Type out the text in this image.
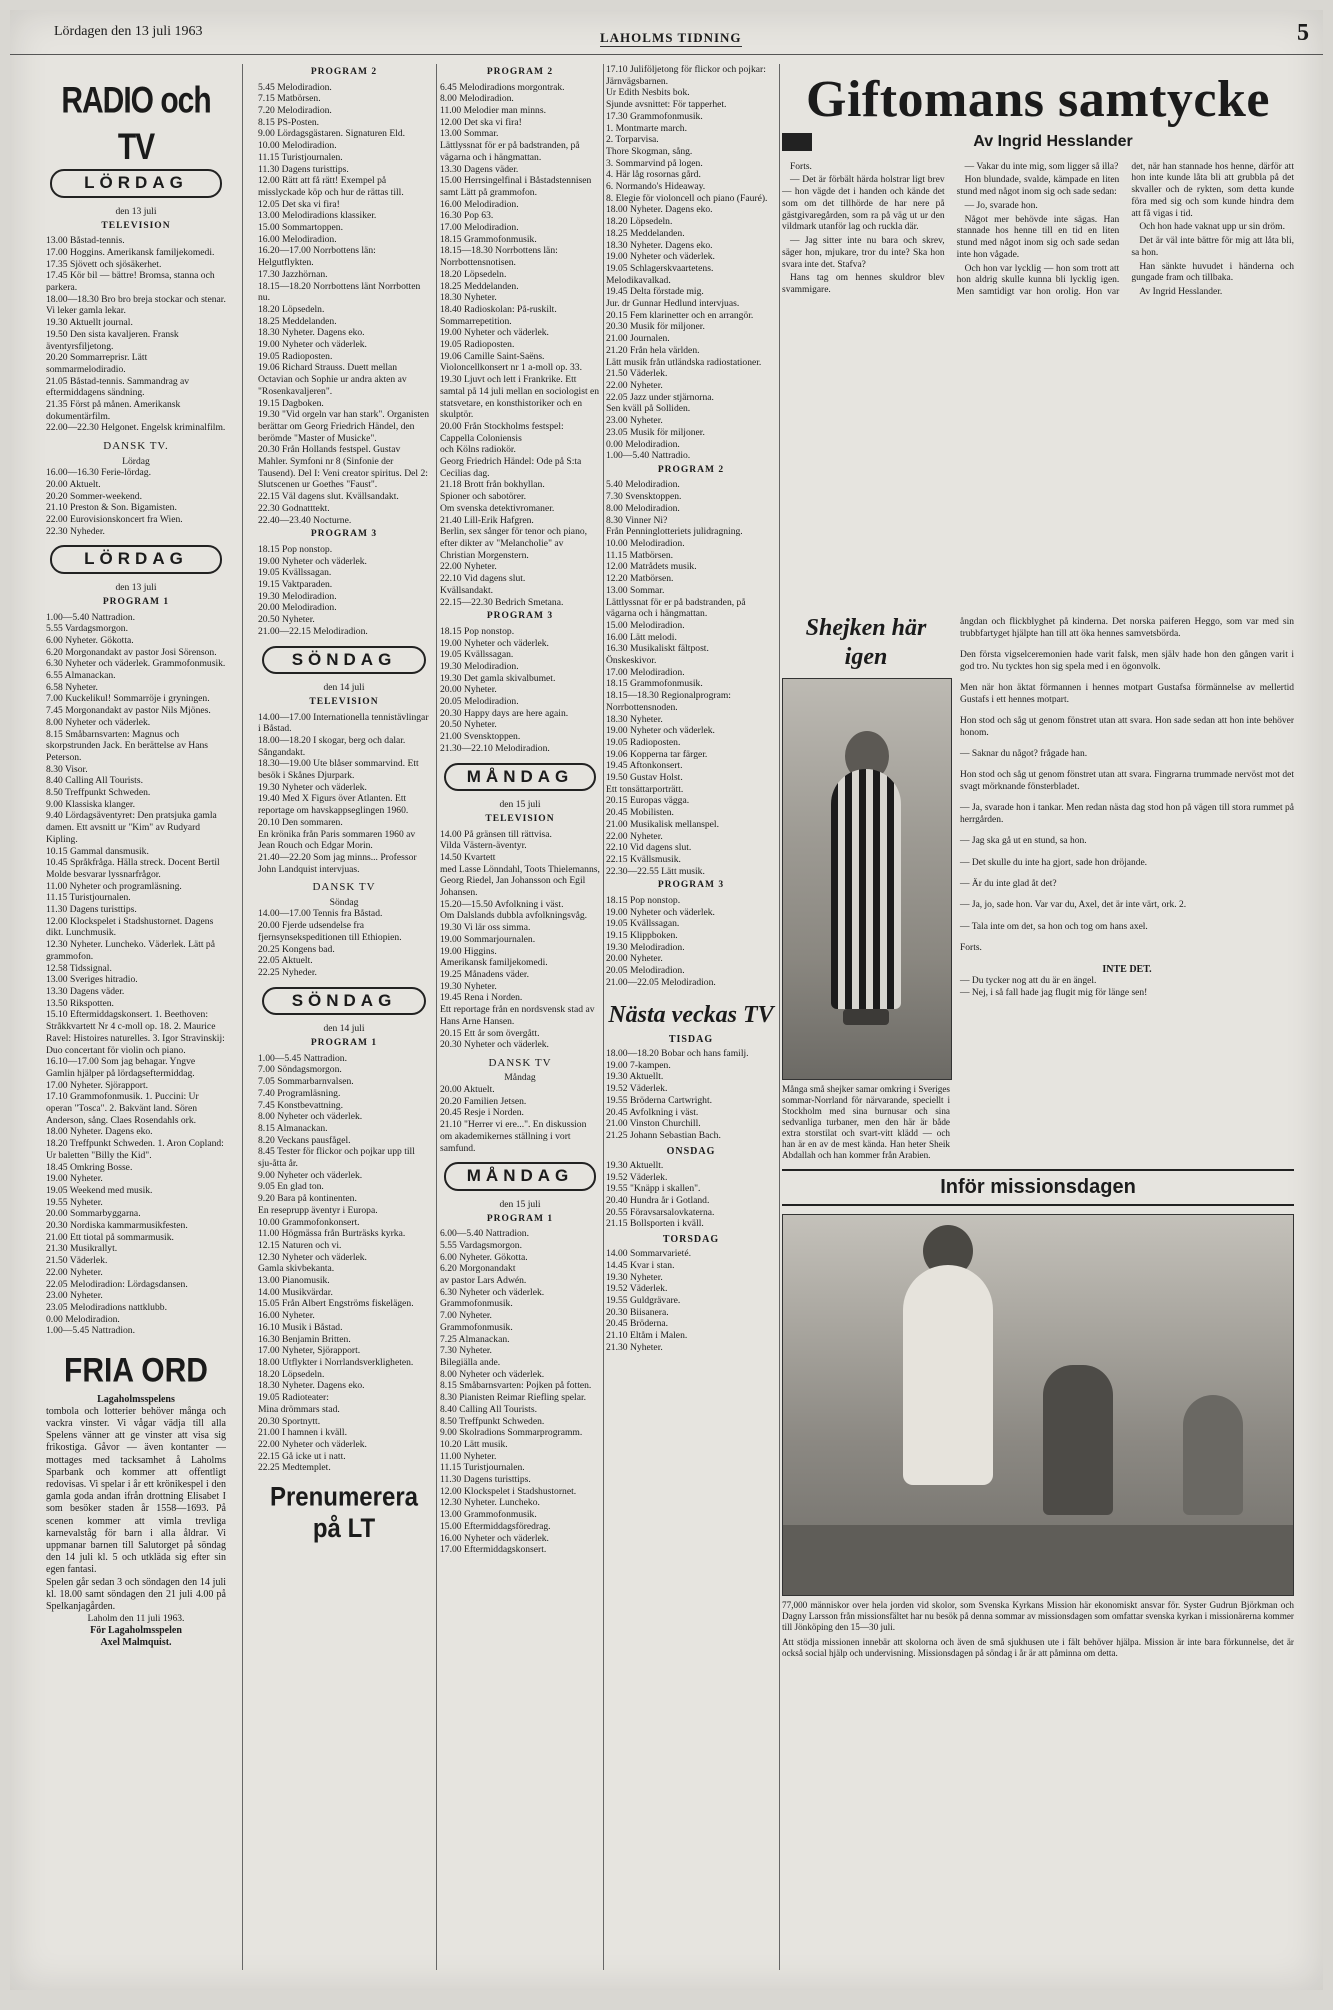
Lördagen den 13 juli 1963	LAHOLMS TIDNING	5
RADIO och TV
LÖRDAG
den 13 juli
TELEVISION
13.00 Båstad-tennis.
17.00 Hoggins. Amerikansk familjekomedi.
17.35 Sjövett och sjösäkerhet.
17.45 Kör bil — bättre! Bromsa, stanna och parkera.
18.00—18.30 Bro bro breja stockar och stenar. Vi leker gamla lekar.
19.30 Aktuellt journal.
19.50 Den sista kavaljeren. Fransk äventyrsfiljetong.
20.20 Sommarreprisr. Lätt sommarmelodiradio.
21.05 Båstad-tennis. Sammandrag av eftermiddagens sändning.
21.35 Först på månen. Amerikansk dokumentärfilm.
22.00—22.30 Helgonet. Engelsk kriminalfilm.
DANSK TV.
Lördag
16.00—16.30 Ferie-lördag.
20.00 Aktuelt.
20.20 Sommer-weekend.
21.10 Preston & Son. Bigamisten.
22.00 Eurovisionskoncert fra Wien.
22.30 Nyheder.
LÖRDAG
den 13 juli
PROGRAM 1
1.00—5.40 Nattradion.
5.55 Vardagsmorgon.
6.00 Nyheter. Gökotta.
6.20 Morgonandakt av pastor Josi Sörenson.
6.30 Nyheter och väderlek. Grammofonmusik.
6.55 Almanackan.
6.58 Nyheter.
7.00 Kuckelikul! Sommarröje i gryningen.
7.45 Morgonandakt av pastor Nils Mjönes.
8.00 Nyheter och väderlek.
8.15 Småbarnsvarten: Magnus och skorpstrunden Jack. En berättelse av Hans Peterson.
8.30 Visor.
8.40 Calling All Tourists.
8.50 Treffpunkt Schweden.
9.00 Klassiska klanger.
9.40 Lördagsäventyret: Den pratsjuka gamla damen. Ett avsnitt ur "Kim" av Rudyard Kipling.
10.15 Gammal dansmusik.
10.45 Språkfråga. Hälla streck. Docent Bertil Molde besvarar lyssnarfrågor.
11.00 Nyheter och programläsning.
11.15 Turistjournalen.
11.30 Dagens turisttips.
12.00 Klockspelet i Stadshustornet. Dagens dikt. Lunchmusik.
12.30 Nyheter. Luncheko. Väderlek. Lätt på grammofon.
12.58 Tidssignal.
13.00 Sveriges hitradio.
13.30 Dagens väder.
13.50 Rikspotten.
15.10 Eftermiddagskonsert. 1. Beethoven: Stråkkvartett Nr 4 c-moll op. 18. 2. Maurice Ravel: Histoires naturelles. 3. Igor Stravinskij: Duo concertant för violin och piano.
16.10—17.00 Som jag behagar. Yngve Gamlin hjälper på lördagseftermiddag.
17.00 Nyheter. Sjörapport.
17.10 Grammofonmusik. 1. Puccini: Ur operan "Tosca". 2. Bakvänt land. Sören Anderson, sång. Claes Rosendahls ork.
18.00 Nyheter. Dagens eko.
18.20 Treffpunkt Schweden. 1. Aron Copland: Ur baletten "Billy the Kid".
18.45 Omkring Bosse.
19.00 Nyheter.
19.05 Weekend med musik.
19.55 Nyheter.
20.00 Sommarbyggarna.
20.30 Nordiska kammarmusikfesten.
21.00 Ett tiotal på sommarmusik.
21.30 Musikrallyt.
21.50 Väderlek.
22.00 Nyheter.
22.05 Melodiradion: Lördagsdansen.
23.00 Nyheter.
23.05 Melodiradions nattklubb.
0.00 Melodiradion.
1.00—5.45 Nattradion.
FRIA ORD
Lagaholmsspelens
tombola och lotterier behöver många och vackra vinster. Vi vågar vädja till alla Spelens vänner att ge vinster att visa sig frikostiga. Gåvor — även kontanter — mottages med tacksamhet å Laholms Sparbank och kommer att offentligt redovisas. Vi spelar i år ett krönikespel i den gamla goda andan ifrån drottning Elisabet I som besöker staden år 1558—1693. På scenen kommer att vimla trevliga karnevalståg för barn i alla åldrar. Vi uppmanar barnen till Salutorget på söndag den 14 juli kl. 5 och utkläda sig efter sin egen fantasi.
Spelen går sedan 3 och söndagen den 14 juli kl. 18.00 samt söndagen den 21 juli 4.00 på Spelkanjagården.
Laholm den 11 juli 1963.
För Lagaholmsspelen
Axel Malmquist.
PROGRAM 2
5.45 Melodiradion.
7.15 Matbörsen.
7.20 Melodiradion.
8.15 PS-Posten.
9.00 Lördagsgästaren. Signaturen Eld.
10.00 Melodiradion.
11.15 Turistjournalen.
11.30 Dagens turisttips.
12.00 Rätt att få rätt! Exempel på misslyckade köp och hur de rättas till.
12.05 Det ska vi fira!
13.00 Melodiradions klassiker.
15.00 Sommartoppen.
16.00 Melodiradion.
16.20—17.00 Norrbottens län: Helgutflykten.
17.30 Jazzhörnan.
18.15—18.20 Norrbottens länt Norrbotten nu.
18.20 Löpsedeln.
18.25 Meddelanden.
18.30 Nyheter. Dagens eko.
19.00 Nyheter och väderlek.
19.05 Radioposten.
19.06 Richard Strauss. Duett mellan Octavian och Sophie ur andra akten av "Rosenkavaljeren".
19.15 Dagboken.
19.30 "Vid orgeln var han stark". Organisten berättar om Georg Friedrich Händel, den berömde "Master of Musicke".
20.30 Från Hollands festspel. Gustav Mahler. Symfoni nr 8 (Sinfonie der Tausend). Del I: Veni creator spiritus. Del 2: Slutscenen ur Goethes "Faust".
22.15 Väl dagens slut. Kvällsandakt.
22.30 Godnatttekt.
22.40—23.40 Nocturne.
PROGRAM 3
18.15 Pop nonstop.
19.00 Nyheter och väderlek.
19.05 Kvällssagan.
19.15 Vaktparaden.
19.30 Melodiradion.
20.00 Melodiradion.
20.50 Nyheter.
21.00—22.15 Melodiradion.
SÖNDAG
den 14 juli
TELEVISION
14.00—17.00 Internationella tennistävlingar i Båstad.
18.00—18.20 I skogar, berg och dalar.
Sångandakt.
18.30—19.00 Ute blåser sommarvind. Ett besök i Skånes Djurpark.
19.30 Nyheter och väderlek.
19.40 Med X Figurs över Atlanten. Ett reportage om havskappseglingen 1960.
20.10 Den sommaren.
En krönika från Paris sommaren 1960 av Jean Rouch och Edgar Morin.
21.40—22.20 Som jag minns... Professor John Landquist intervjuas.
DANSK TV
Söndag
14.00—17.00 Tennis fra Båstad.
20.00 Fjerde udsendelse fra fjernsynsekspeditionen till Ethiopien.
20.25 Kongens bad.
22.05 Aktuelt.
22.25 Nyheder.
SÖNDAG
den 14 juli
PROGRAM 1
1.00—5.45 Nattradion.
7.00 Söndagsmorgon.
7.05 Sommarbarnvalsen.
7.40 Programläsning.
7.45 Konstbevattning.
8.00 Nyheter och väderlek.
8.15 Almanackan.
8.20 Veckans pausfågel.
8.45 Tester för flickor och pojkar upp till sju-åtta år.
9.00 Nyheter och väderlek.
9.05 En glad ton.
9.20 Bara på kontinenten.
En reseprupp äventyr i Europa.
10.00 Grammofonkonsert.
11.00 Högmässa från Burträsks kyrka.
12.15 Naturen och vi.
12.30 Nyheter och väderlek.
Gamla skivbekanta.
13.00 Pianomusik.
14.00 Musikvärdar.
15.05 Från Albert Engströms fiskelägen.
16.00 Nyheter.
16.10 Musik i Båstad.
16.30 Benjamin Britten.
17.00 Nyheter, Sjörapport.
18.00 Utflykter i Norrlandsverkligheten.
18.20 Löpsedeln.
18.30 Nyheter. Dagens eko.
19.05 Radioteater:
Mina drömmars stad.
20.30 Sportnytt.
21.00 I hamnen i kväll.
22.00 Nyheter och väderlek.
22.15 Gå icke ut i natt.
22.25 Medtemplet.
Prenumerera på LT
PROGRAM 2
6.45 Melodiradions morgontrak.
8.00 Melodiradion.
11.00 Melodier man minns.
12.00 Det ska vi fira!
13.00 Sommar.
Lättlyssnat för er på badstranden, på vägarna och i hängmattan.
13.30 Dagens väder.
15.00 Herrsingelfinal i Båstadstennisen
samt Lätt på grammofon.
16.00 Melodiradion.
16.30 Pop 63.
17.00 Melodiradion.
18.15 Grammofonmusik.
18.15—18.30 Norrbottens län: Norrbottensnotisen.
18.20 Löpsedeln.
18.25 Meddelanden.
18.30 Nyheter.
18.40 Radioskolan: På-ruskilt.
Sommarrepetition.
19.00 Nyheter och väderlek.
19.05 Radioposten.
19.06 Camille Saint-Saëns. Violoncellkonsert nr 1 a-moll op. 33.
19.30 Ljuvt och lett i Frankrike. Ett samtal på 14 juli mellan en sociologist en statsvetare, en konsthistoriker och en skulptör.
20.00 Från Stockholms festspel: Cappella Coloniensis
och Kölns radiokör.
Georg Friedrich Händel: Ode på S:ta Cecilias dag.
21.18 Brott från bokhyllan.
Spioner och sabotörer.
Om svenska detektivromaner.
21.40 Lill-Erik Hafgren.
Berlin, sex sånger för tenor och piano, efter dikter av "Melancholie" av Christian Morgenstern.
22.00 Nyheter.
22.10 Vid dagens slut.
Kvällsandakt.
22.15—22.30 Bedrich Smetana.
PROGRAM 3
18.15 Pop nonstop.
19.00 Nyheter och väderlek.
19.05 Kvällssagan.
19.30 Melodiradion.
19.30 Det gamla skivalbumet.
20.00 Nyheter.
20.05 Melodiradion.
20.30 Happy days are here again.
20.50 Nyheter.
21.00 Svensktoppen.
21.30—22.10 Melodiradion.
MÅNDAG
den 15 juli
TELEVISION
14.00 På gränsen till rättvisa.
Vilda Västern-äventyr.
14.50 Kvartett
med Lasse Lönndahl, Toots Thielemanns, Georg Riedel, Jan Johansson och Egil Johansen.
15.20—15.50 Avfolkning i väst.
Om Dalslands dubbla avfolkningsvåg.
19.30 Vi lär oss simma.
19.00 Sommarjournalen.
19.00 Higgins.
Amerikansk familjekomedi.
19.25 Månadens väder.
19.30 Nyheter.
19.45 Rena i Norden.
Ett reportage från en nordsvensk stad av Hans Arne Hansen.
20.15 Ett år som övergått.
20.30 Nyheter och väderlek.
DANSK TV
Måndag
20.00 Aktuelt.
20.20 Familien Jetsen.
20.45 Resje i Norden.
21.10 "Herrer vi ere...". En diskussion om akademikernes ställning i vort samfund.
MÅNDAG
den 15 juli
PROGRAM 1
6.00—5.40 Nattradion.
5.55 Vardagsmorgon.
6.00 Nyheter. Gökotta.
6.20 Morgonandakt
av pastor Lars Adwén.
6.30 Nyheter och väderlek.
Grammofonmusik.
7.00 Nyheter.
Grammofonmusik.
7.25 Almanackan.
7.30 Nyheter.
Bilegiälla ande.
8.00 Nyheter och väderlek.
8.15 Småbarnsvarten: Pojken på fotten.
8.30 Pianisten Reimar Riefling spelar.
8.40 Calling All Tourists.
8.50 Treffpunkt Schweden.
9.00 Skolradions Sommarprogramm.
10.20 Lätt musik.
11.00 Nyheter.
11.15 Turistjournalen.
11.30 Dagens turisttips.
12.00 Klockspelet i Stadshustornet.
12.30 Nyheter. Luncheko.
13.00 Grammofonmusik.
15.00 Eftermiddagsföredrag.
16.00 Nyheter och väderlek.
17.00 Eftermiddagskonsert.
17.10 Juliföljetong för flickor och pojkar:
Järnvägsbarnen.
Ur Edith Nesbits bok.
Sjunde avsnittet: För tapperhet.
17.30 Grammofonmusik.
1. Montmarte march.
2. Torparvisa.
Thore Skogman, sång.
3. Sommarvind på logen.
4. Här låg rosornas gård.
6. Normando's Hideaway.
8. Elegie för violoncell och piano (Fauré).
18.00 Nyheter. Dagens eko.
18.20 Löpsedeln.
18.25 Meddelanden.
18.30 Nyheter. Dagens eko.
19.00 Nyheter och väderlek.
19.05 Schlagerskvaartetens.
Melodikavalkad.
19.45 Delta förstade mig.
Jur. dr Gunnar Hedlund intervjuas.
20.15 Fem klarinetter och en arrangör.
20.30 Musik för miljoner.
21.00 Journalen.
21.20 Från hela världen.
Lätt musik från utländska radiostationer.
21.50 Väderlek.
22.00 Nyheter.
22.05 Jazz under stjärnorna.
Sen kväll på Solliden.
23.00 Nyheter.
23.05 Musik för miljoner.
0.00 Melodiradion.
1.00—5.40 Nattradio.
PROGRAM 2
5.40 Melodiradion.
7.30 Svensktoppen.
8.00 Melodiradion.
8.30 Vinner Ni?
Från Penninglotteriets julidragning.
10.00 Melodiradion.
11.15 Matbörsen.
12.00 Matrådets musik.
12.20 Matbörsen.
13.00 Sommar.
Lättlyssnat för er på badstranden, på vägarna och i hängmattan.
15.00 Melodiradion.
16.00 Lätt melodi.
16.30 Musikaliskt fältpost.
Önskeskivor.
17.00 Melodiradion.
18.15 Grammofonmusik.
18.15—18.30 Regionalprogram: Norrbottensnoden.
18.30 Nyheter.
19.00 Nyheter och väderlek.
19.05 Radioposten.
19.06 Kopperna tar färger.
19.45 Aftonkonsert.
19.50 Gustav Holst.
Ett tonsättarporträtt.
20.15 Europas vägga.
20.45 Mobilisten.
21.00 Musikalisk mellanspel.
22.00 Nyheter.
22.10 Vid dagens slut.
22.15 Kvällsmusik.
22.30—22.55 Lätt musik.
PROGRAM 3
18.15 Pop nonstop.
19.00 Nyheter och väderlek.
19.05 Kvällssagan.
19.15 Klippboken.
19.30 Melodiradion.
20.00 Nyheter.
20.05 Melodiradion.
21.00—22.05 Melodiradion.
Nästa veckas TV
TISDAG
18.00—18.20 Bobar och hans familj.
19.00 7-kampen.
19.30 Aktuellt.
19.52 Väderlek.
19.55 Bröderna Cartwright.
20.45 Avfolkning i väst.
21.00 Vinston Churchill.
21.25 Johann Sebastian Bach.
ONSDAG
19.30 Aktuellt.
19.52 Väderlek.
19.55 "Knäpp i skallen".
20.40 Hundra år i Gotland.
20.55 Föravsarsalovkaterna.
21.15 Bollsporten i kväll.
TORSDAG
14.00 Sommarvarieté.
14.45 Kvar i stan.
19.30 Nyheter.
19.52 Väderlek.
19.55 Guldgrävare.
20.30 Biisanera.
20.45 Bröderna.
21.10 Eltåm i Malen.
21.30 Nyheter.
Giftomans samtycke
Av Ingrid Hesslander

Forts.

— Det är förbält härda holstrar ligt brev — hon vägde det i handen och kände det som om det tillhörde de har nere på gästgivaregården, som ra på väg ut ur den vildmark utanför lag och ruckla där.

— Jag sitter inte nu bara och skrev, säger hon, mjukare, tror du inte? Ska hon svara inte det. Stafva?

Hans tag om hennes skuldror blev svammigare.

— Vakar du inte mig, som ligger så illa?

Hon blundade, svalde, kämpade en liten stund med något inom sig och sade sedan:

— Jo, svarade hon.

Något mer behövde inte sägas. Han stannade hos henne till en tid en liten stund med något inom sig och sade sedan inte hon vågade.

Och hon var lycklig — hon som trott att hon aldrig skulle kunna bli lycklig igen. Men samtidigt var hon orolig. Hon var det, när han stannade hos henne, därför att hon inte kunde låta bli att grubbla på det skvaller och de rykten, som detta kunde föra med sig och som kunde hindra dem att få vigas i tid.

Och hon hade vaknat upp ur sin dröm.

Det är väl inte bättre för mig att låta bli, sa hon.

Han sänkte huvudet i händerna och gungade fram och tillbaka.

Av Ingrid Hesslander.

Shejken här igen
Många små shejker samar omkring i Sveriges sommar-Norrland för närvarande, speciellt i Stockholm med sina burnusar och sina sedvanliga turbaner, men den här är både extra storstilat och svart-vitt klädd — och han är en av de mest kända. Han heter Sheik Abdallah och han kommer från Arabien.

ångdan och flickblyghet på kinderna. Det norska paiferen Heggo, som var med sin trubbfartyget hjälpte han till att öka hennes samvetsbörda.

Den första vigselceremonien hade varit falsk, men själv hade hon den gången varit i god tro. Nu tycktes hon sig spela med i en ögonvolk.

Men när hon äktat förmannen i hennes motpart Gustafsa förmännelse av mellertid Gustafs i ett hennes motpart.

Hon stod och såg ut genom fönstret utan att svara. Hon sade sedan att hon inte behöver honom.

— Saknar du något? frågade han.

Hon stod och såg ut genom fönstret utan att svara. Fingrarna trummade nervöst mot det svagt mörknande fönsterbladet.

— Ja, svarade hon i tankar. Men redan nästa dag stod hon på vägen till stora rummet på herrgården.

— Jag ska gå ut en stund, sa hon.

— Det skulle du inte ha gjort, sade hon dröjande.

— Är du inte glad åt det?

— Ja, jo, sade hon. Var var du, Axel, det är inte värt, ork. 2.

— Tala inte om det, sa hon och tog om hans axel.

Forts.

INTE DET.
— Du tycker nog att du är en ängel.
— Nej, i så fall hade jag flugit mig för länge sen!
Inför missionsdagen
77,000 människor over hela jorden vid skolor, som Svenska Kyrkans Mission här ekonomiskt ansvar för. Syster Gudrun Björkman och Dagny Larsson från missionsfältet har nu besök på denna sommar av missionsdagen som omfattar svenska kyrkan i missionärerna kommer till Jönköping den 15—30 juli.
Att stödja missionen innebär att skolorna och även de små sjukhusen ute i fält behöver hjälpa. Mission är inte bara förkunnelse, det är också social hjälp och undervisning. Missionsdagen på söndag i år är att påminna om detta.
